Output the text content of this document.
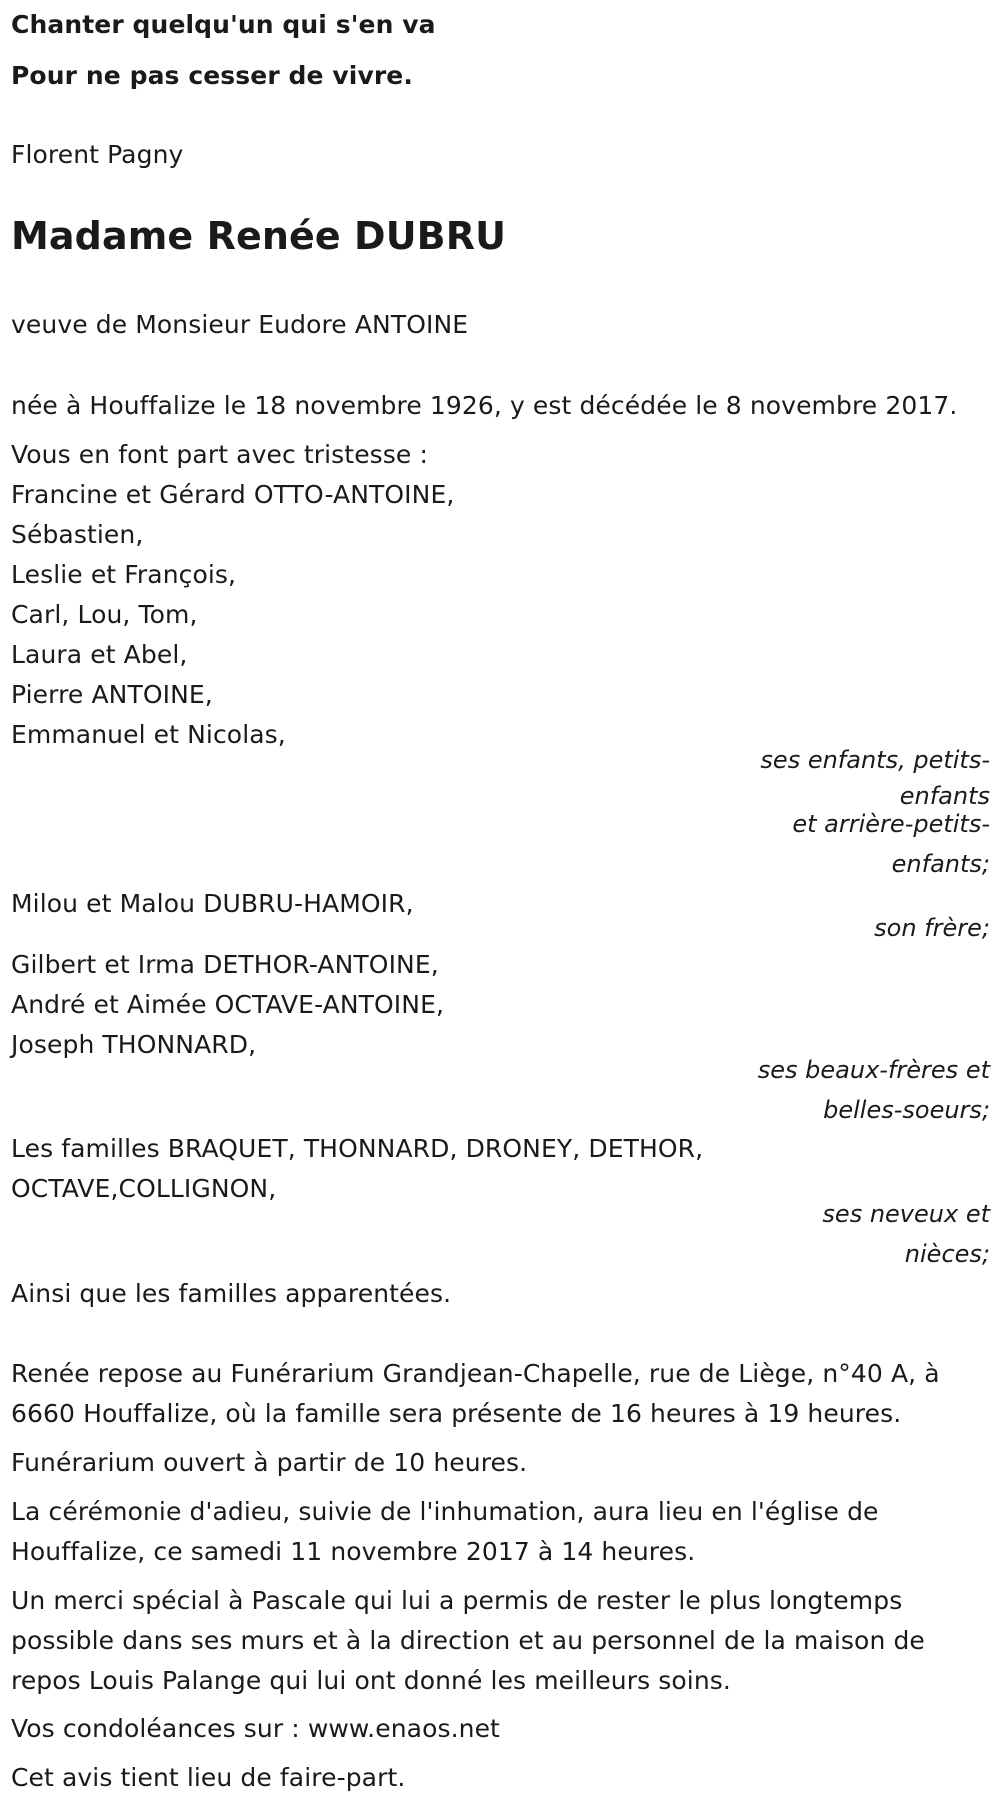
Chanter quelqu'un qui s'en va
Pour ne pas cesser de vivre.
Florent Pagny
Madame Renée DUBRU
veuve de Monsieur Eudore ANTOINE
née à Houffalize le 18 novembre 1926, y est décédée le 8 novembre 2017.
Vous en font part avec tristesse :
Francine et Gérard OTTO-ANTOINE,
Sébastien,
Leslie et François,
Carl, Lou, Tom,
Laura et Abel,
Pierre ANTOINE,
Emmanuel et Nicolas,
ses enfants, petits-
enfants
et arrière-petits-
enfants;
Milou et Malou DUBRU-HAMOIR,
son frère;
Gilbert et Irma DETHOR-ANTOINE,
André et Aimée OCTAVE-ANTOINE,
Joseph THONNARD,
ses beaux-frères et
belles-soeurs;
Les familles BRAQUET, THONNARD, DRONEY, DETHOR,
OCTAVE,COLLIGNON,
ses neveux et
nièces;
Ainsi que les familles apparentées.
Renée repose au Funérarium Grandjean-Chapelle, rue de Liège, n°40 A, à
6660 Houffalize, où la famille sera présente de 16 heures à 19 heures.
Funérarium ouvert à partir de 10 heures.
La cérémonie d'adieu, suivie de l'inhumation, aura lieu en l'église de
Houffalize, ce samedi 11 novembre 2017 à 14 heures.
Un merci spécial à Pascale qui lui a permis de rester le plus longtemps
possible dans ses murs et à la direction et au personnel de la maison de
repos Louis Palange qui lui ont donné les meilleurs soins.
Vos condoléances sur : www.enaos.net
Cet avis tient lieu de faire-part.
